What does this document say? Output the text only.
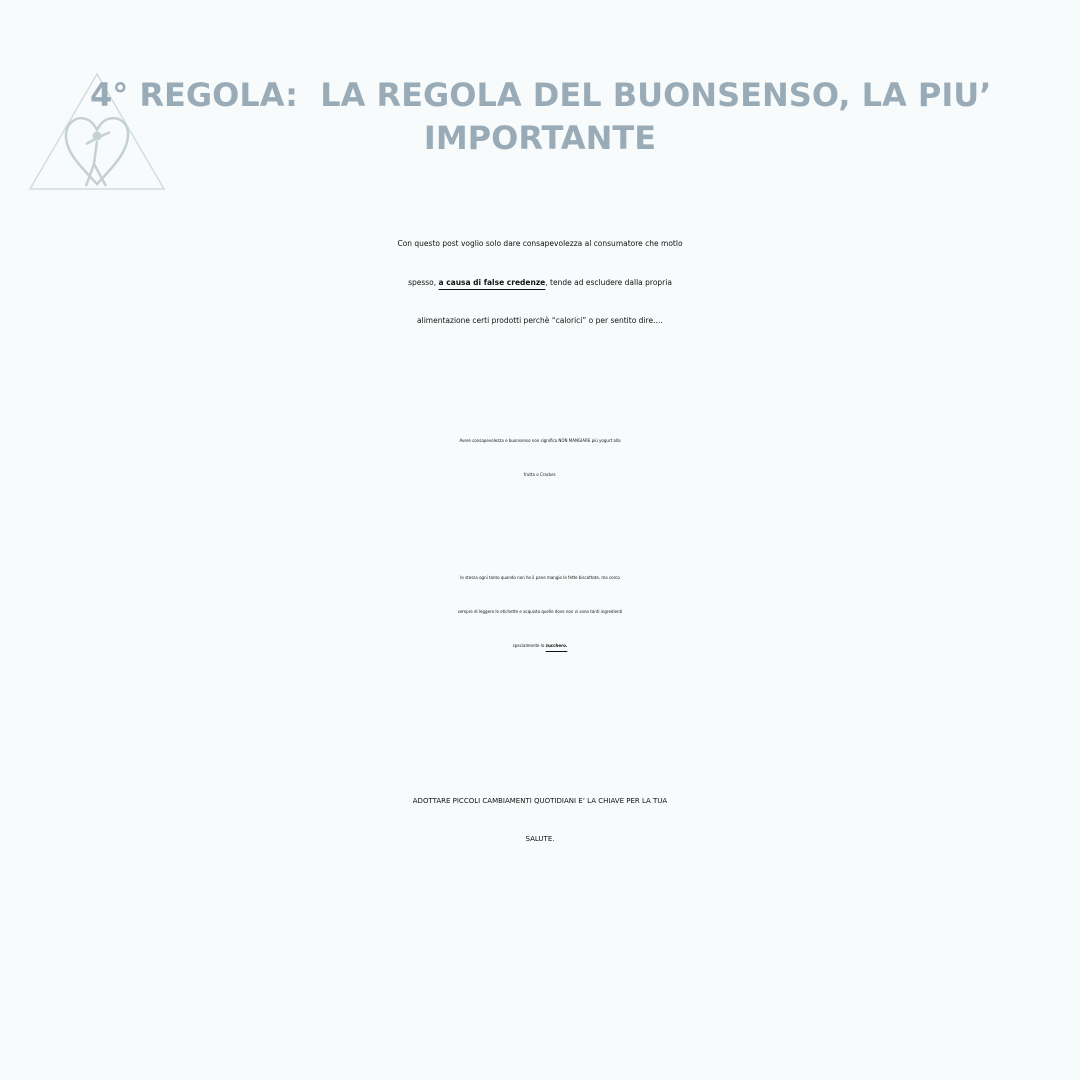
4° REGOLA:  LA REGOLA DEL BUONSENSO, LA PIU’
IMPORTANTE

Con questo post voglio solo dare consapevolezza al consumatore che motlo
spesso, a causa di false credenze, tende ad escludere dalla propria
alimentazione certi prodotti perchè “calorici” o per sentito dire….

Avere consapevolezza e buonsenso non significa NON MANGIARE più yogurt alla
frutta o Cracker.

Io stessa ogni tanto quando non ho il pane mangio le fette biscottate, ma cerco
sempre di leggere le etichette e acquisto quelle dove non vi sono tanti ingredienti
specialmente lo zucchero.

ADOTTARE PICCOLI CAMBIAMENTI QUOTIDIANI E’ LA CHIAVE PER LA TUA
SALUTE.
